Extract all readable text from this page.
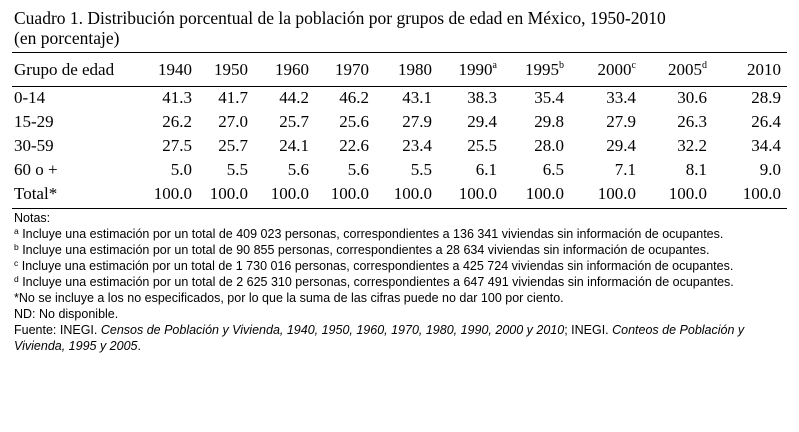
Cuadro 1. Distribución porcentual de la población por grupos de edad en México, 1950-2010
(en porcentaje)
Grupo de edad	1940	1950	1960	1970	1980	1990$^a$	1995$^b$	2000$^c$	2005$^d$	2010
0-14	41.3	41.7	44.2	46.2	43.1	38.3	35.4	33.4	30.6	28.9
15-29	26.2	27.0	25.7	25.6	27.9	29.4	29.8	27.9	26.3	26.4
30-59	27.5	25.7	24.1	22.6	23.4	25.5	28.0	29.4	32.2	34.4
60 o +	5.0	5.5	5.6	5.6	5.5	6.1	6.5	7.1	8.1	9.0
Total*	100.0	100.0	100.0	100.0	100.0	100.0	100.0	100.0	100.0	100.0

Notas:

$^a$ Incluye una estimación por un total de 409 023 personas, correspondientes a 136 341 viviendas sin información de ocupantes.

$^b$ Incluye una estimación por un total de 90 855 personas, correspondientes a 28 634 viviendas sin información de ocupantes.

$^c$ Incluye una estimación por un total de 1 730 016 personas, correspondientes a 425 724 viviendas sin información de ocupantes.

$^d$ Incluye una estimación por un total de 2 625 310 personas, correspondientes a 647 491 viviendas sin información de ocupantes.

*No se incluye a los no especificados, por lo que la suma de las cifras puede no dar 100 por ciento.

ND: No disponible.

Fuente: INEGI. Censos de Población y Vivienda, 1940, 1950, 1960, 1970, 1980, 1990, 2000 y 2010; INEGI. Conteos de Población y Vivienda, 1995 y 2005.
